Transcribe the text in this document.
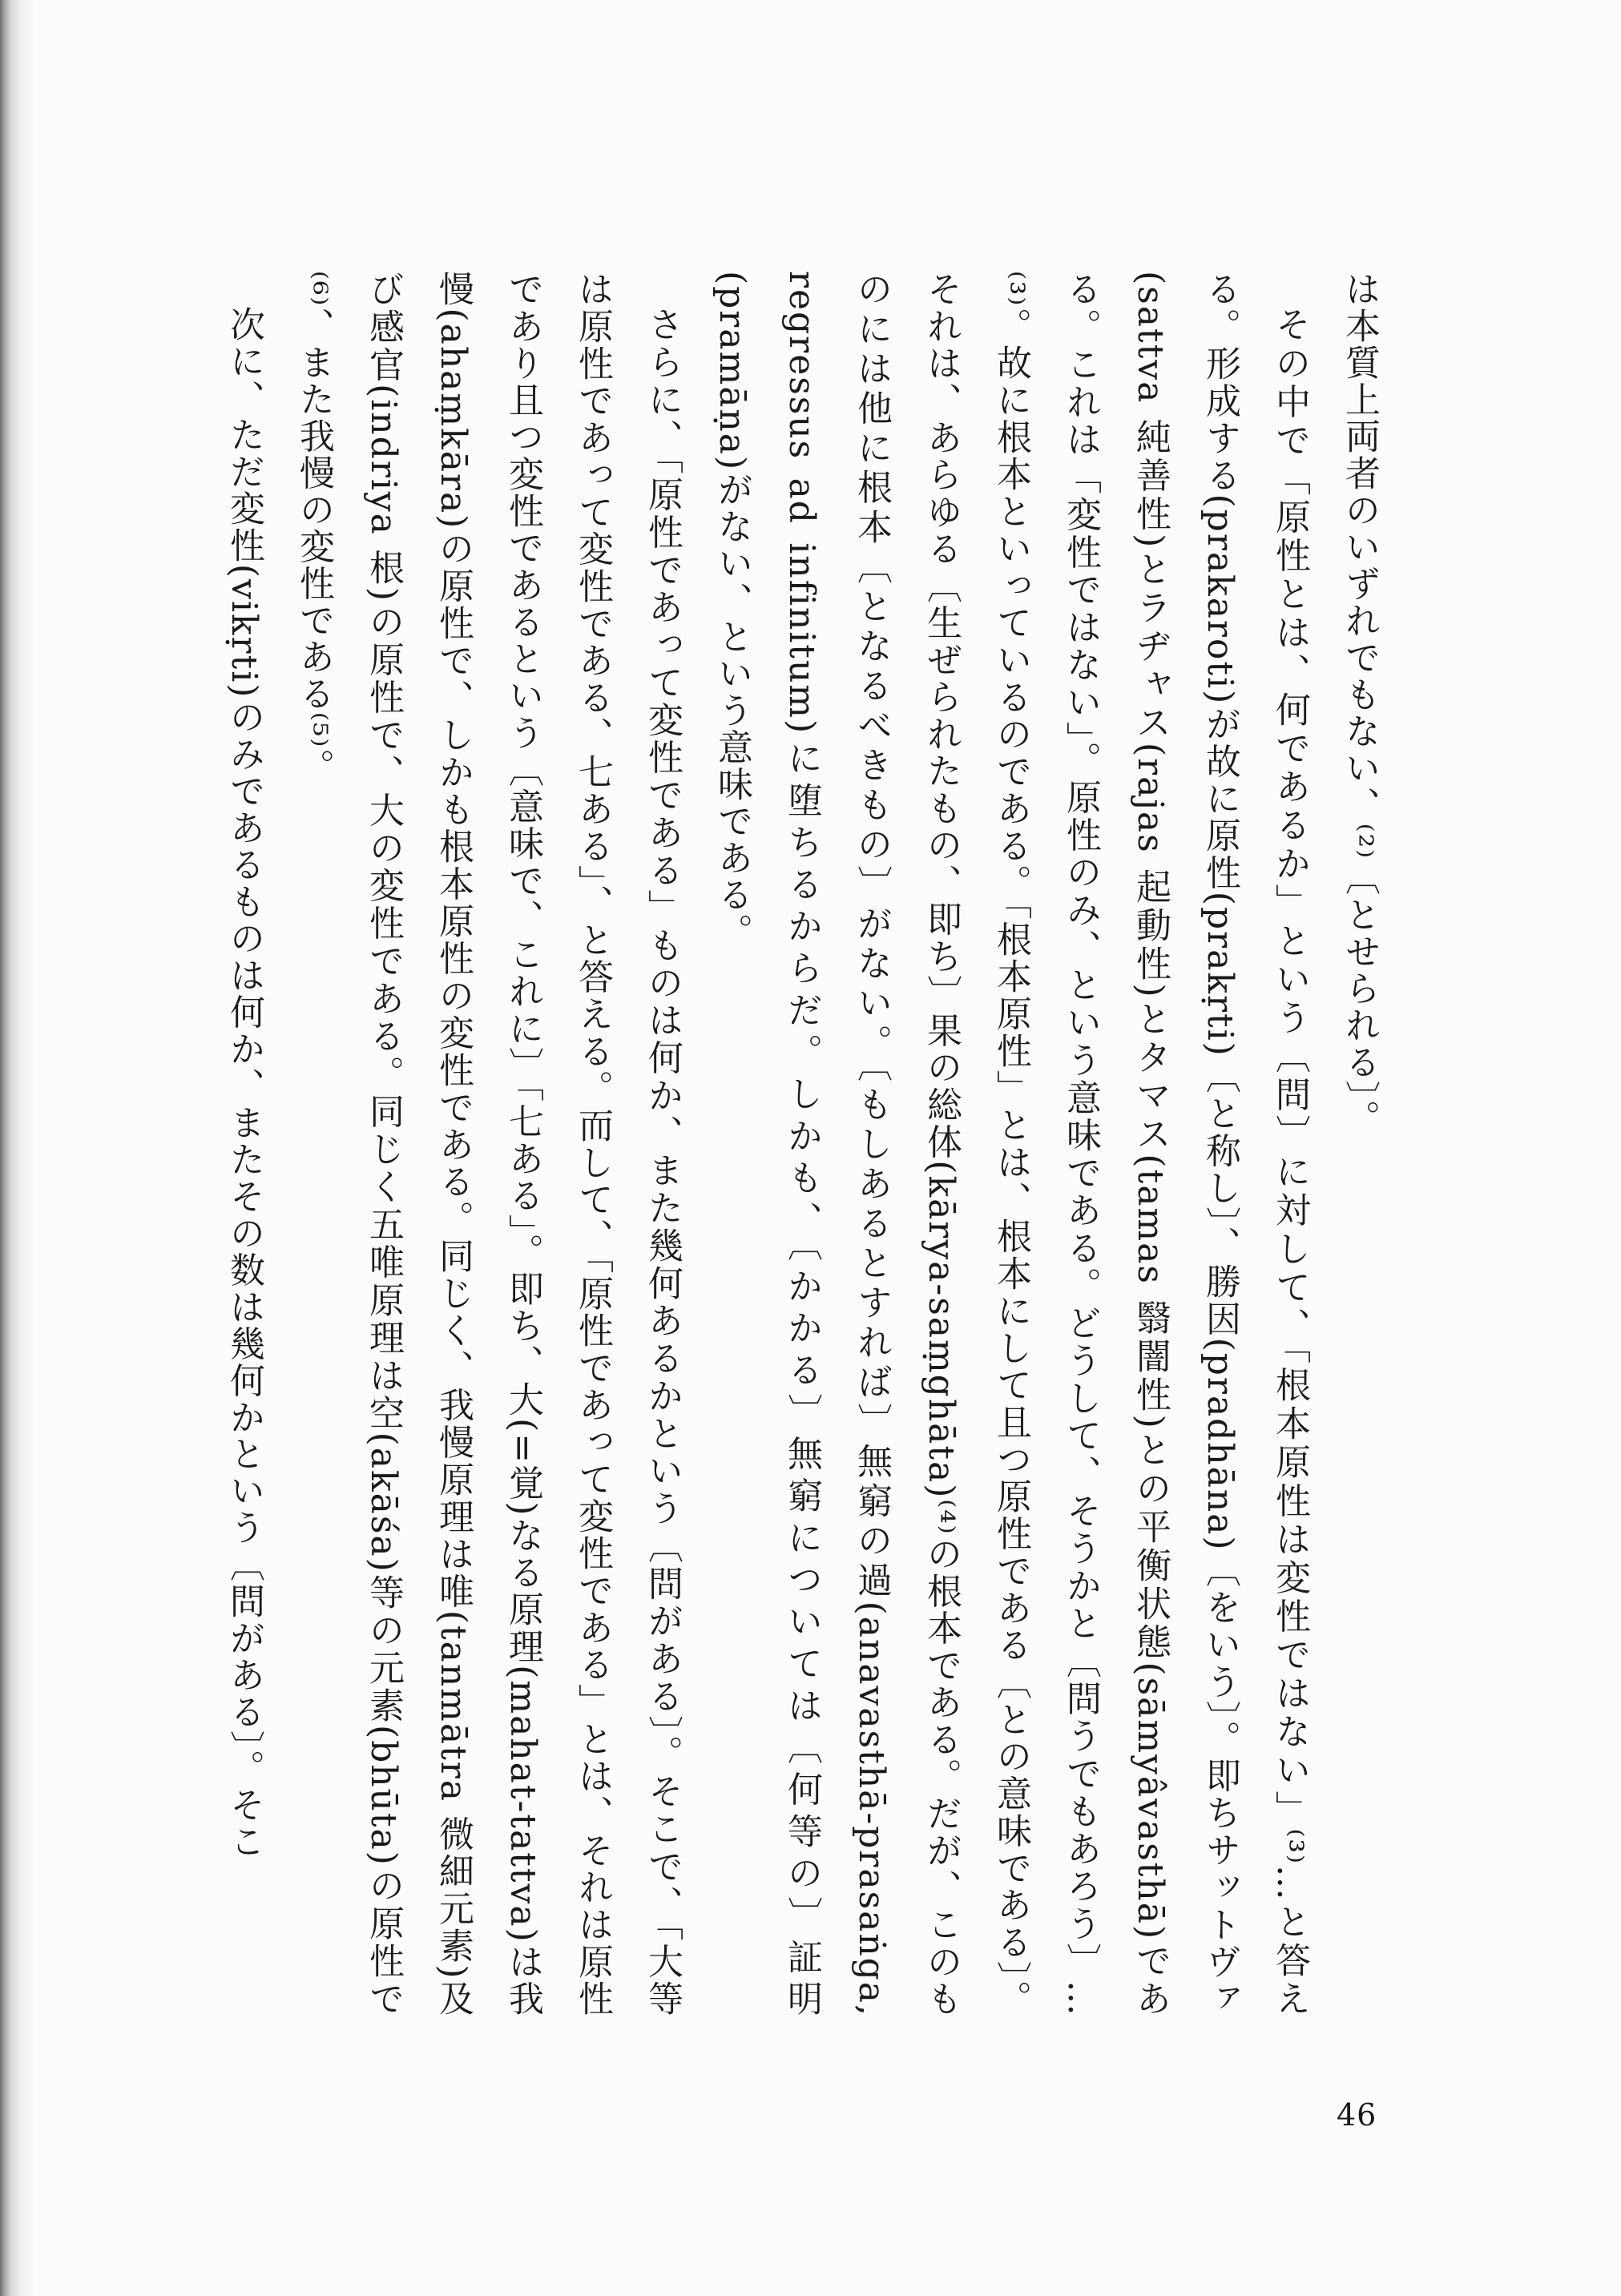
は本質上両者のいずれでもない、⁽²⁾〔とせられる〕。

その中で「原性とは、何であるか」という〔問〕に対して、「根本原性は変性ではない」⁽³⁾…と答える。形成する(prakaroti)が故に原性(prakṛti)〔と称し〕、勝因(pradhāna)〔をいう〕。即ちサットヴァ(sattva 純善性)とラヂャス(rajas 起動性)とタマス(tamas 翳闇性)との平衡状態(sāmyâvasthā)である。これは「変性ではない」。原性のみ、という意味である。どうして、そうかと〔問うでもあろう〕…⁽³⁾。故に根本といっているのである。「根本原性」とは、根本にして且つ原性である〔との意味である〕。それは、あらゆる〔生ぜられたもの、即ち〕果の総体(kārya-saṃghāta)⁽⁴⁾の根本である。だが、このものには他に根本〔となるべきもの〕がない。〔もしあるとすれば〕無窮の過(anavasthā-prasaṅga, regressus ad infinitum)に堕ちるからだ。しかも、〔かかる〕無窮については〔何等の〕証明(pramāṇa)がない、という意味である。

さらに、「原性であって変性である」ものは何か、また幾何あるかという〔問がある〕。そこで、「大等は原性であって変性である、七ある」、と答える。而して、「原性であって変性である」とは、それは原性であり且つ変性であるという〔意味で、これに〕「七ある」。即ち、大(=覚)なる原理(mahat-tattva)は我慢(ahaṃkāra)の原性で、しかも根本原性の変性である。同じく、我慢原理は唯(tanmātra 微細元素)及び感官(indriya 根)の原性で、大の変性である。同じく五唯原理は空(akāśa)等の元素(bhūta)の原性で⁽⁶⁾、また我慢の変性である⁽⁵⁾。

次に、ただ変性(vikṛti)のみであるものは何か、またその数は幾何かという〔問がある〕。そこ

46
